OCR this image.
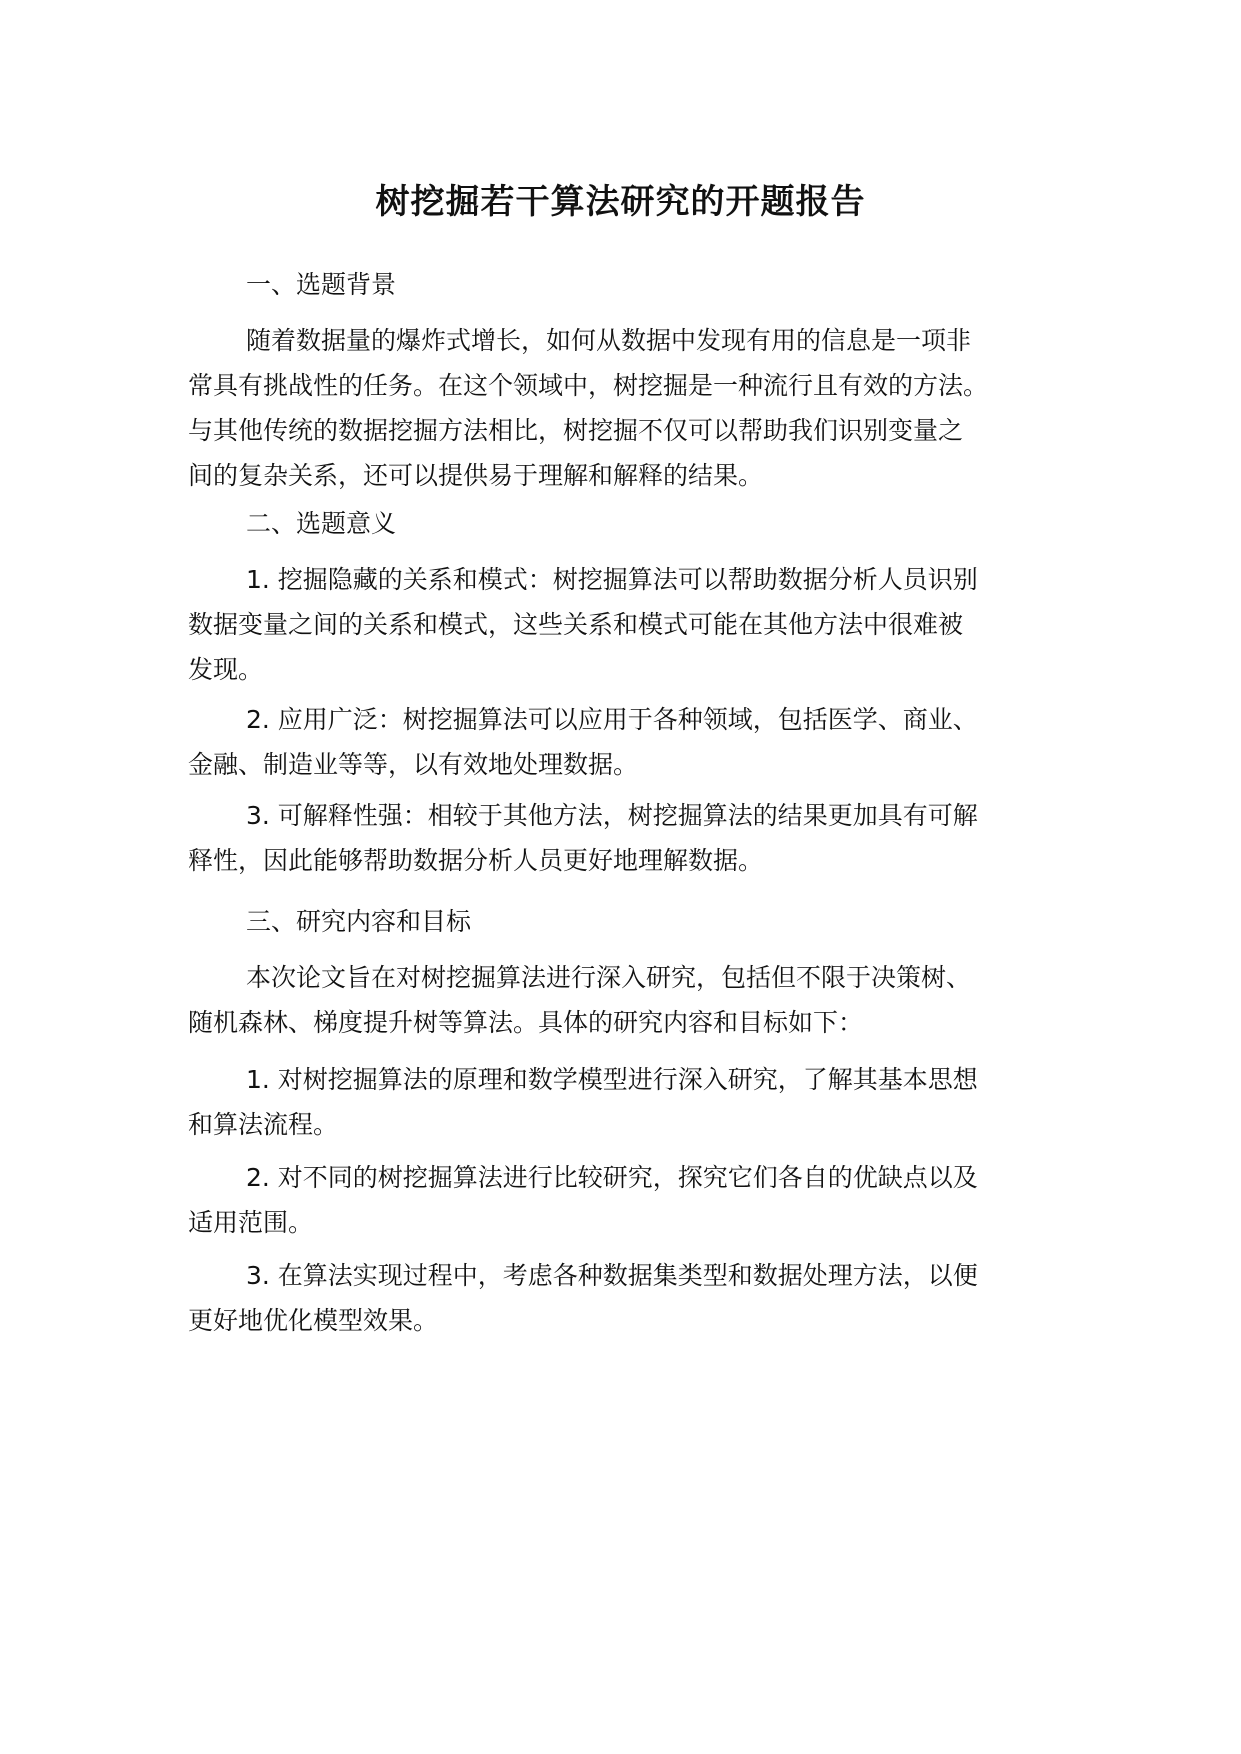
树挖掘若干算法研究的开题报告

一、选题背景

随着数据量的爆炸式增长，如何从数据中发现有用的信息是一项非
常具有挑战性的任务。在这个领域中，树挖掘是一种流行且有效的方法。
与其他传统的数据挖掘方法相比，树挖掘不仅可以帮助我们识别变量之
间的复杂关系，还可以提供易于理解和解释的结果。

二、选题意义

1. 挖掘隐藏的关系和模式：树挖掘算法可以帮助数据分析人员识别
数据变量之间的关系和模式，这些关系和模式可能在其他方法中很难被
发现。

2. 应用广泛：树挖掘算法可以应用于各种领域，包括医学、商业、
金融、制造业等等，以有效地处理数据。

3. 可解释性强：相较于其他方法，树挖掘算法的结果更加具有可解
释性，因此能够帮助数据分析人员更好地理解数据。

三、研究内容和目标

本次论文旨在对树挖掘算法进行深入研究，包括但不限于决策树、
随机森林、梯度提升树等算法。具体的研究内容和目标如下：

1. 对树挖掘算法的原理和数学模型进行深入研究，了解其基本思想
和算法流程。

2. 对不同的树挖掘算法进行比较研究，探究它们各自的优缺点以及
适用范围。

3. 在算法实现过程中，考虑各种数据集类型和数据处理方法，以便
更好地优化模型效果。
